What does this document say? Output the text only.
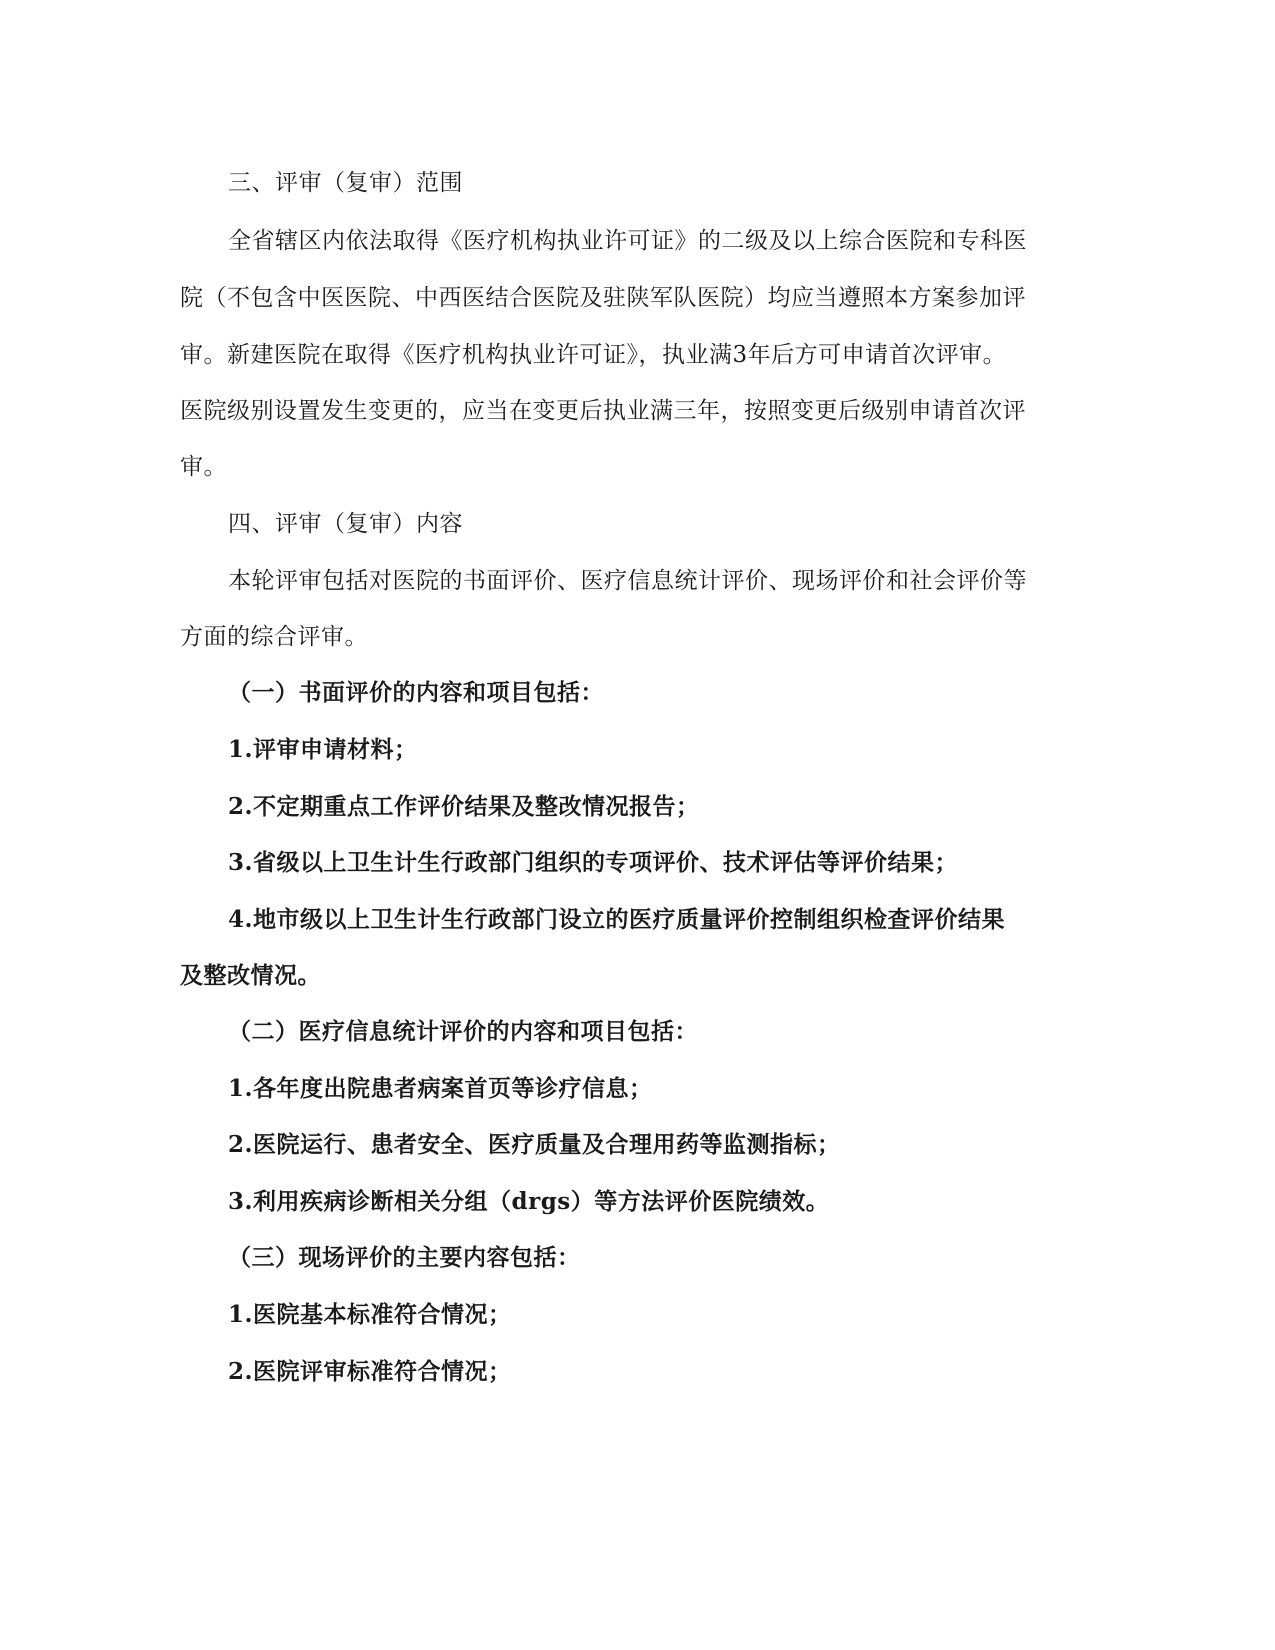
三、评审（复审）范围
全省辖区内依法取得《医疗机构执业许可证》的二级及以上综合医院和专科医
院（不包含中医医院、中西医结合医院及驻陕军队医院）均应当遵照本方案参加评
审。新建医院在取得《医疗机构执业许可证》，执业满3年后方可申请首次评审。
医院级别设置发生变更的，应当在变更后执业满三年，按照变更后级别申请首次评
审。
四、评审（复审）内容
本轮评审包括对医院的书面评价、医疗信息统计评价、现场评价和社会评价等
方面的综合评审。
（一）书面评价的内容和项目包括：
1.评审申请材料；
2.不定期重点工作评价结果及整改情况报告；
3.省级以上卫生计生行政部门组织的专项评价、技术评估等评价结果；
4.地市级以上卫生计生行政部门设立的医疗质量评价控制组织检查评价结果
及整改情况。
（二）医疗信息统计评价的内容和项目包括：
1.各年度出院患者病案首页等诊疗信息；
2.医院运行、患者安全、医疗质量及合理用药等监测指标；
3.利用疾病诊断相关分组（drgs）等方法评价医院绩效。
（三）现场评价的主要内容包括：
1.医院基本标准符合情况；
2.医院评审标准符合情况；
